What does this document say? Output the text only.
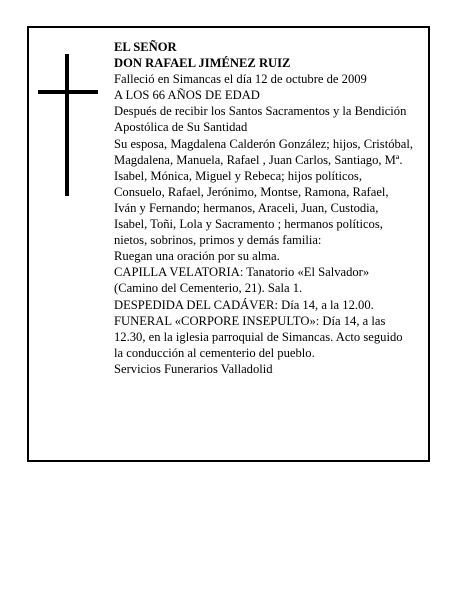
EL SEÑOR
DON RAFAEL JIMÉNEZ RUIZ
Falleció en Simancas el día 12 de octubre de 2009
A LOS 66 AÑOS DE EDAD
Después de recibir los Santos Sacramentos y la Bendición Apostólica de Su Santidad
Su esposa, Magdalena Calderón González; hijos, Cristóbal, Magdalena, Manuela, Rafael , Juan Carlos, Santiago, Mª. Isabel, Mónica, Miguel y Rebeca; hijos políticos, Consuelo, Rafael, Jerónimo, Montse, Ramona, Rafael, Iván y Fernando; hermanos, Araceli, Juan, Custodia, Isabel, Toñi, Lola y Sacramento ; hermanos políticos, nietos, sobrinos, primos y demás familia:
Ruegan una oración por su alma.
CAPILLA VELATORIA: Tanatorio «El Salvador» (Camino del Cementerio, 21). Sala 1.
DESPEDIDA DEL CADÁVER: Día 14, a la 12.00.
FUNERAL «CORPORE INSEPULTO»: Día 14, a las 12.30, en la iglesia parroquial de Simancas. Acto seguido la conducción al cementerio del pueblo.
Servicios Funerarios Valladolid
